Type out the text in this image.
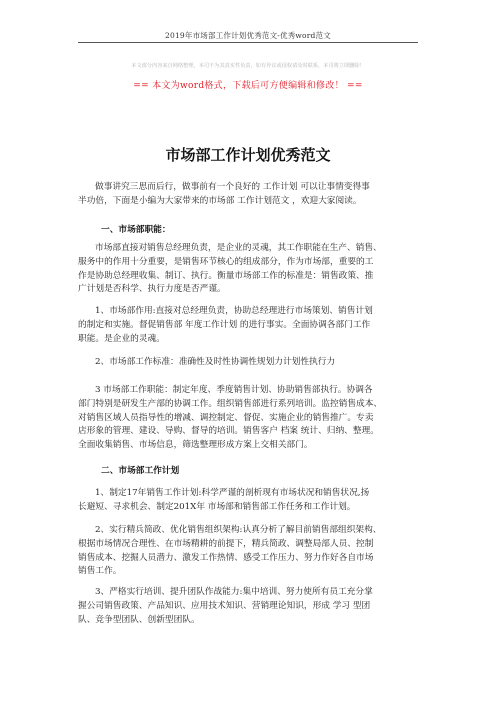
2019年市场部工作计划优秀范文-优秀word范文
本文部分内容来自网络整理，本司不为其真实性负责，如有异议或侵权请及时联系，本司将立即删除！
== 本文为word格式，下载后可方便编辑和修改！ ==
市场部工作计划优秀范文
做事讲究三思而后行，做事前有一个良好的 工作计划 可以让事情变得事
半功倍，下面是小编为大家带来的市场部 工作计划范文 ，欢迎大家阅读。
一、市场部职能：
市场部直接对销售总经理负责，是企业的灵魂，其工作职能在生产、销售、
服务中的作用十分重要，是销售环节核心的组成部分，作为市场部，重要的工
作是协助总经理收集、制订、执行。衡量市场部工作的标准是：销售政策、推
广计划是否科学、执行力度是否严谨。
1、市场部作用:直接对总经理负责，协助总经理进行市场策划、销售计划
的制定和实施。督促销售部 年度工作计划 的进行事实。全面协调各部门工作
职能。是企业的灵魂。
2、市场部工作标准：准确性及时性协调性规划力计划性执行力
3 市场部工作职能：制定年度、季度销售计划、协助销售部执行。协调各
部门特别是研发生产部的协调工作。组织销售部进行系列培训。监控销售成本、
对销售区域人员指导性的增减、调控制定、督促、实施企业的销售推广。专卖
店形象的管理、建设、导购、督导的培训。销售客户 档案 统计、归纳、整理。
全面收集销售、市场信息，筛选整理形成方案上交相关部门。
二、市场部工作计划
1、制定17年销售工作计划:科学严谨的剖析现有市场状况和销售状况,扬
长避短、寻求机会、制定201X年 市场部和销售部工作任务和工作计划。
2、实行精兵简政、优化销售组织架构:认真分析了解目前销售部组织架构、
根据市场情况合理性、在市场精耕的前提下，精兵简政、调整局部人员、控制
销售成本、挖掘人员潜力、激发工作热情、感受工作压力、努力作好各自市场
销售工作。
3、严格实行培训、提升团队作战能力:集中培训、努力使所有员工充分掌
握公司销售政策、产品知识、应用技术知识、营销理论知识，形成 学习 型团
队、竞争型团队、创新型团队。
